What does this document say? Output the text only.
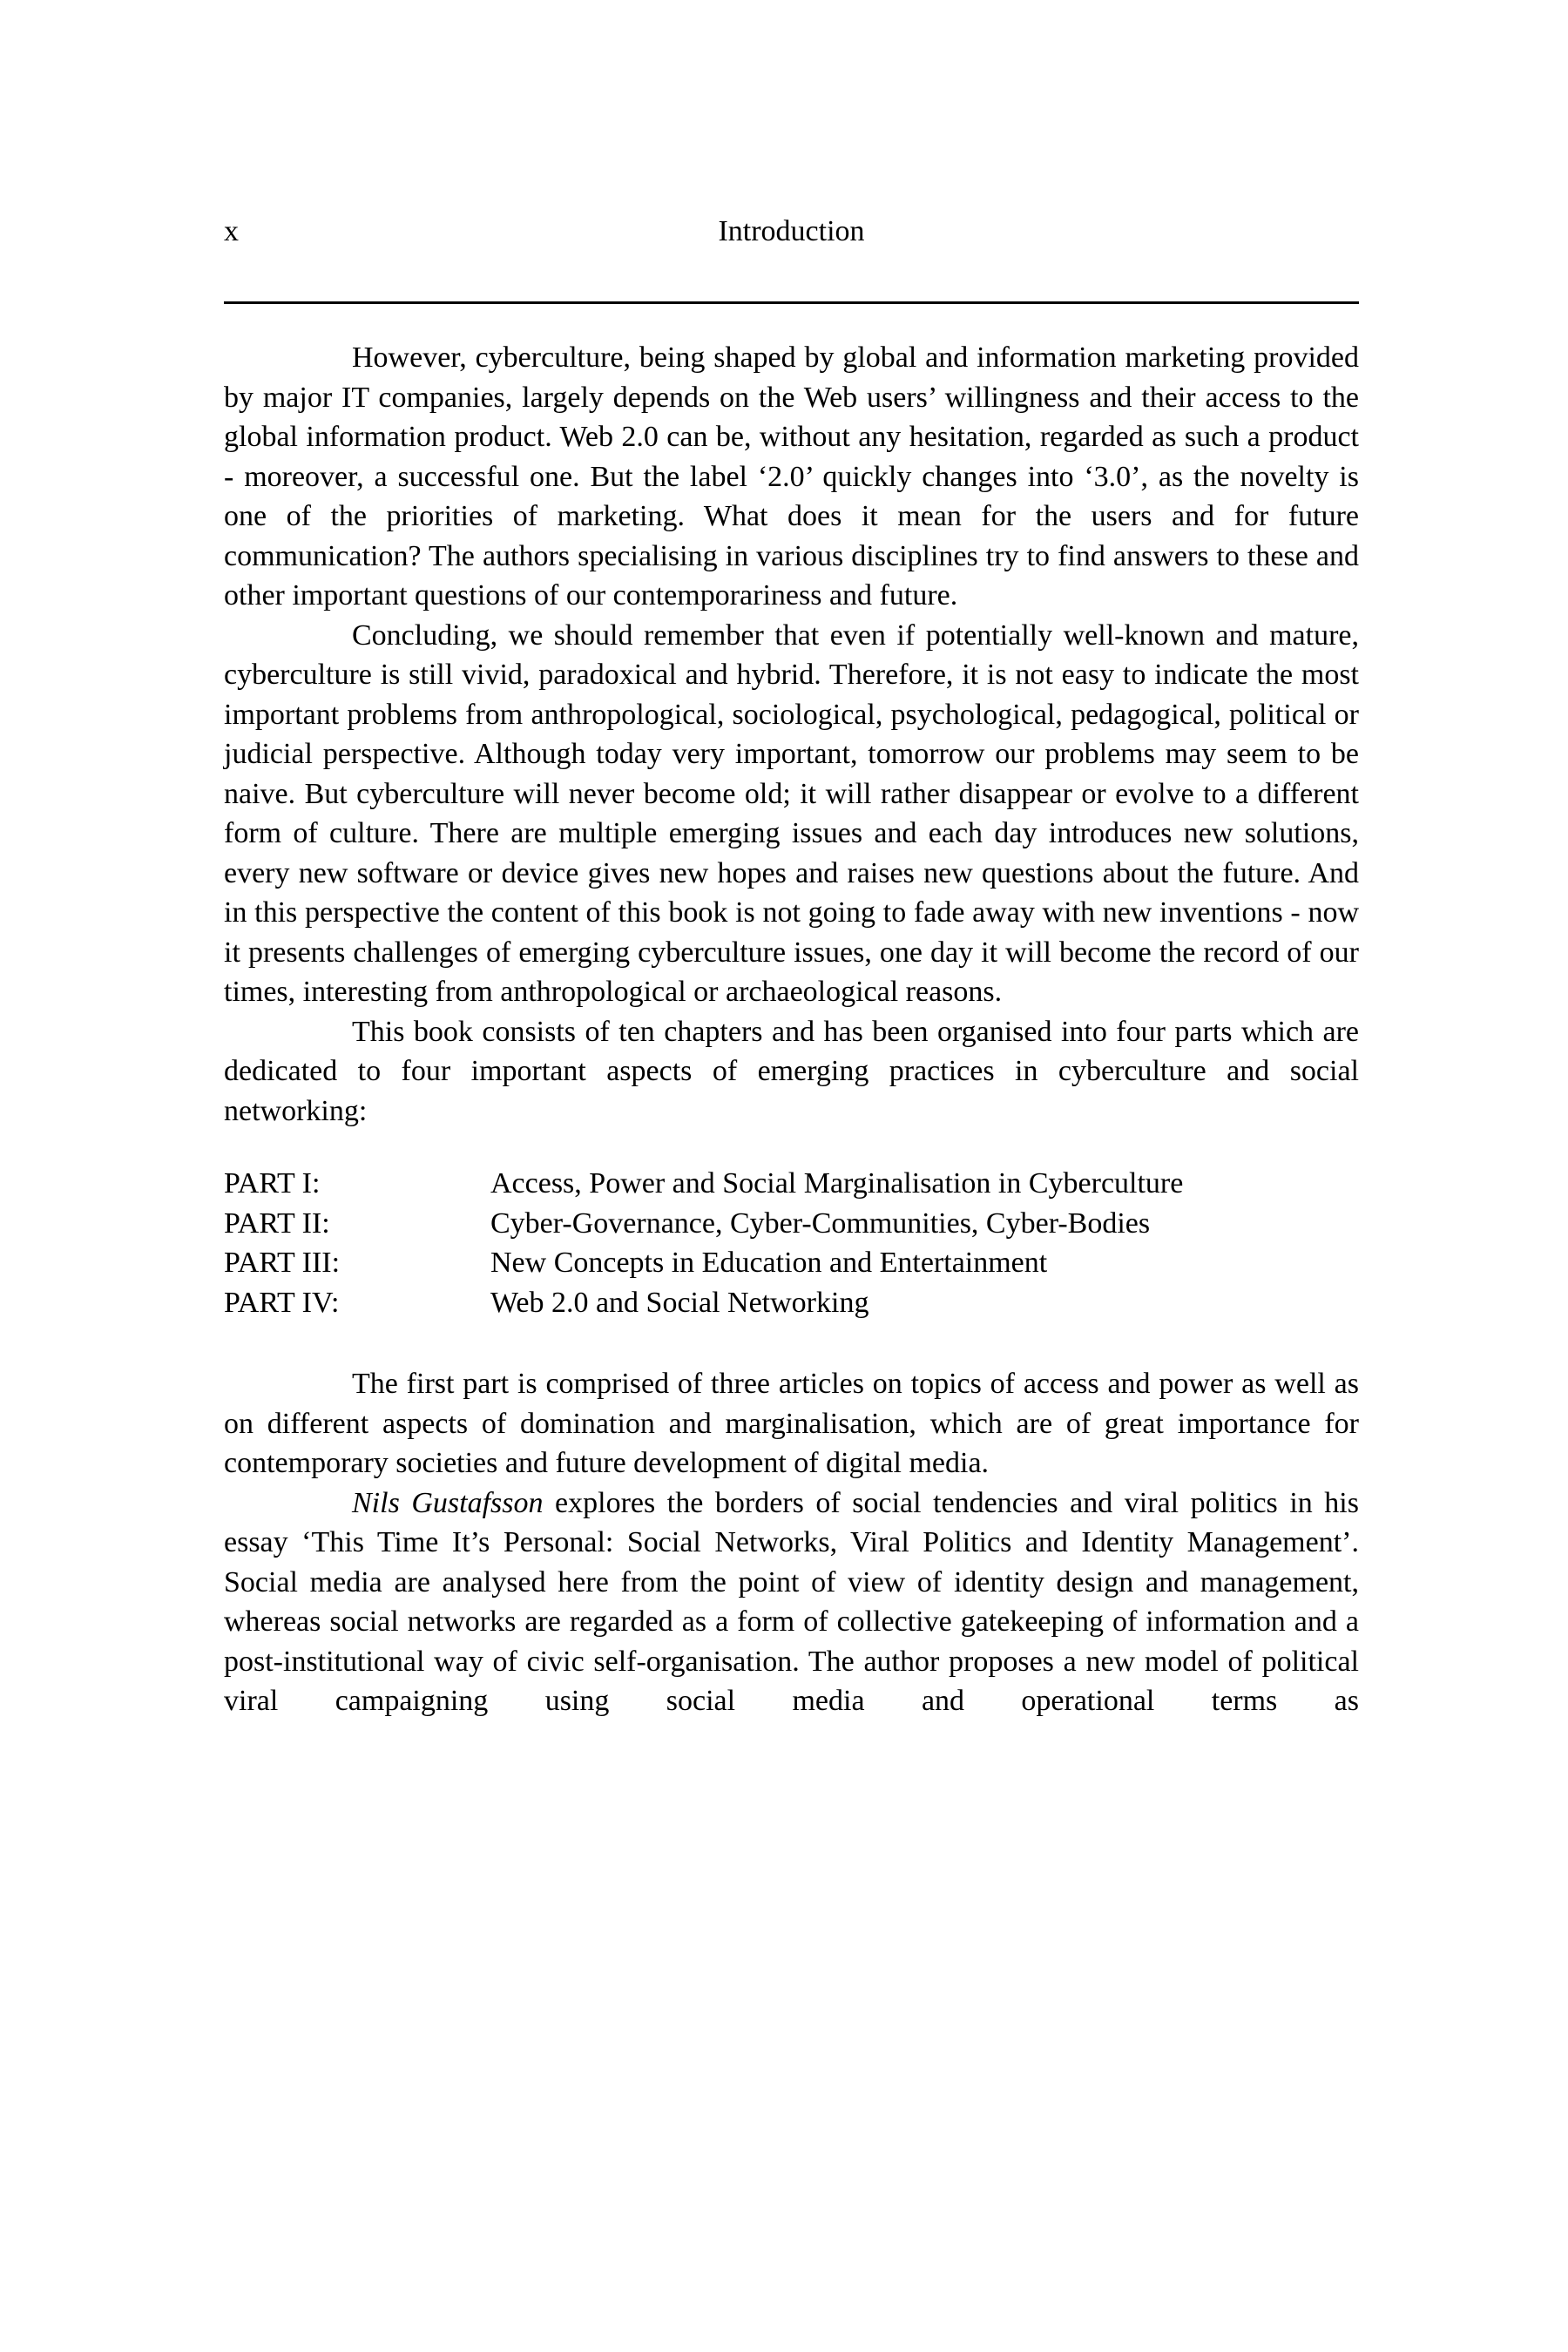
x	Introduction

However, cyberculture, being shaped by global and information marketing provided by major IT companies, largely depends on the Web users’ willingness and their access to the global information product. Web 2.0 can be, without any hesitation, regarded as such a product - moreover, a successful one. But the label ‘2.0’ quickly changes into ‘3.0’, as the novelty is one of the priorities of marketing. What does it mean for the users and for future communication? The authors specialising in various disciplines try to find answers to these and other important questions of our contemporariness and future.

Concluding, we should remember that even if potentially well-known and mature, cyberculture is still vivid, paradoxical and hybrid. Therefore, it is not easy to indicate the most important problems from anthropological, sociological, psychological, pedagogical, political or judicial perspective. Although today very important, tomorrow our problems may seem to be naive. But cyberculture will never become old; it will rather disappear or evolve to a different form of culture. There are multiple emerging issues and each day introduces new solutions, every new software or device gives new hopes and raises new questions about the future. And in this perspective the content of this book is not going to fade away with new inventions - now it presents challenges of emerging cyberculture issues, one day it will become the record of our times, interesting from anthropological or archaeological reasons.

This book consists of ten chapters and has been organised into four parts which are dedicated to four important aspects of emerging practices in cyberculture and social networking:

PART I:	Access, Power and Social Marginalisation in Cyberculture
PART II:	Cyber-Governance, Cyber-Communities, Cyber-Bodies
PART III:	New Concepts in Education and Entertainment
PART IV:	Web 2.0 and Social Networking

The first part is comprised of three articles on topics of access and power as well as on different aspects of domination and marginalisation, which are of great importance for contemporary societies and future development of digital media.

Nils Gustafsson explores the borders of social tendencies and viral politics in his essay ‘This Time It’s Personal: Social Networks, Viral Politics and Identity Management’. Social media are analysed here from the point of view of identity design and management, whereas social networks are regarded as a form of collective gatekeeping of information and a post-institutional way of civic self-organisation. The author proposes a new model of political viral campaigning using social media and operational terms as
